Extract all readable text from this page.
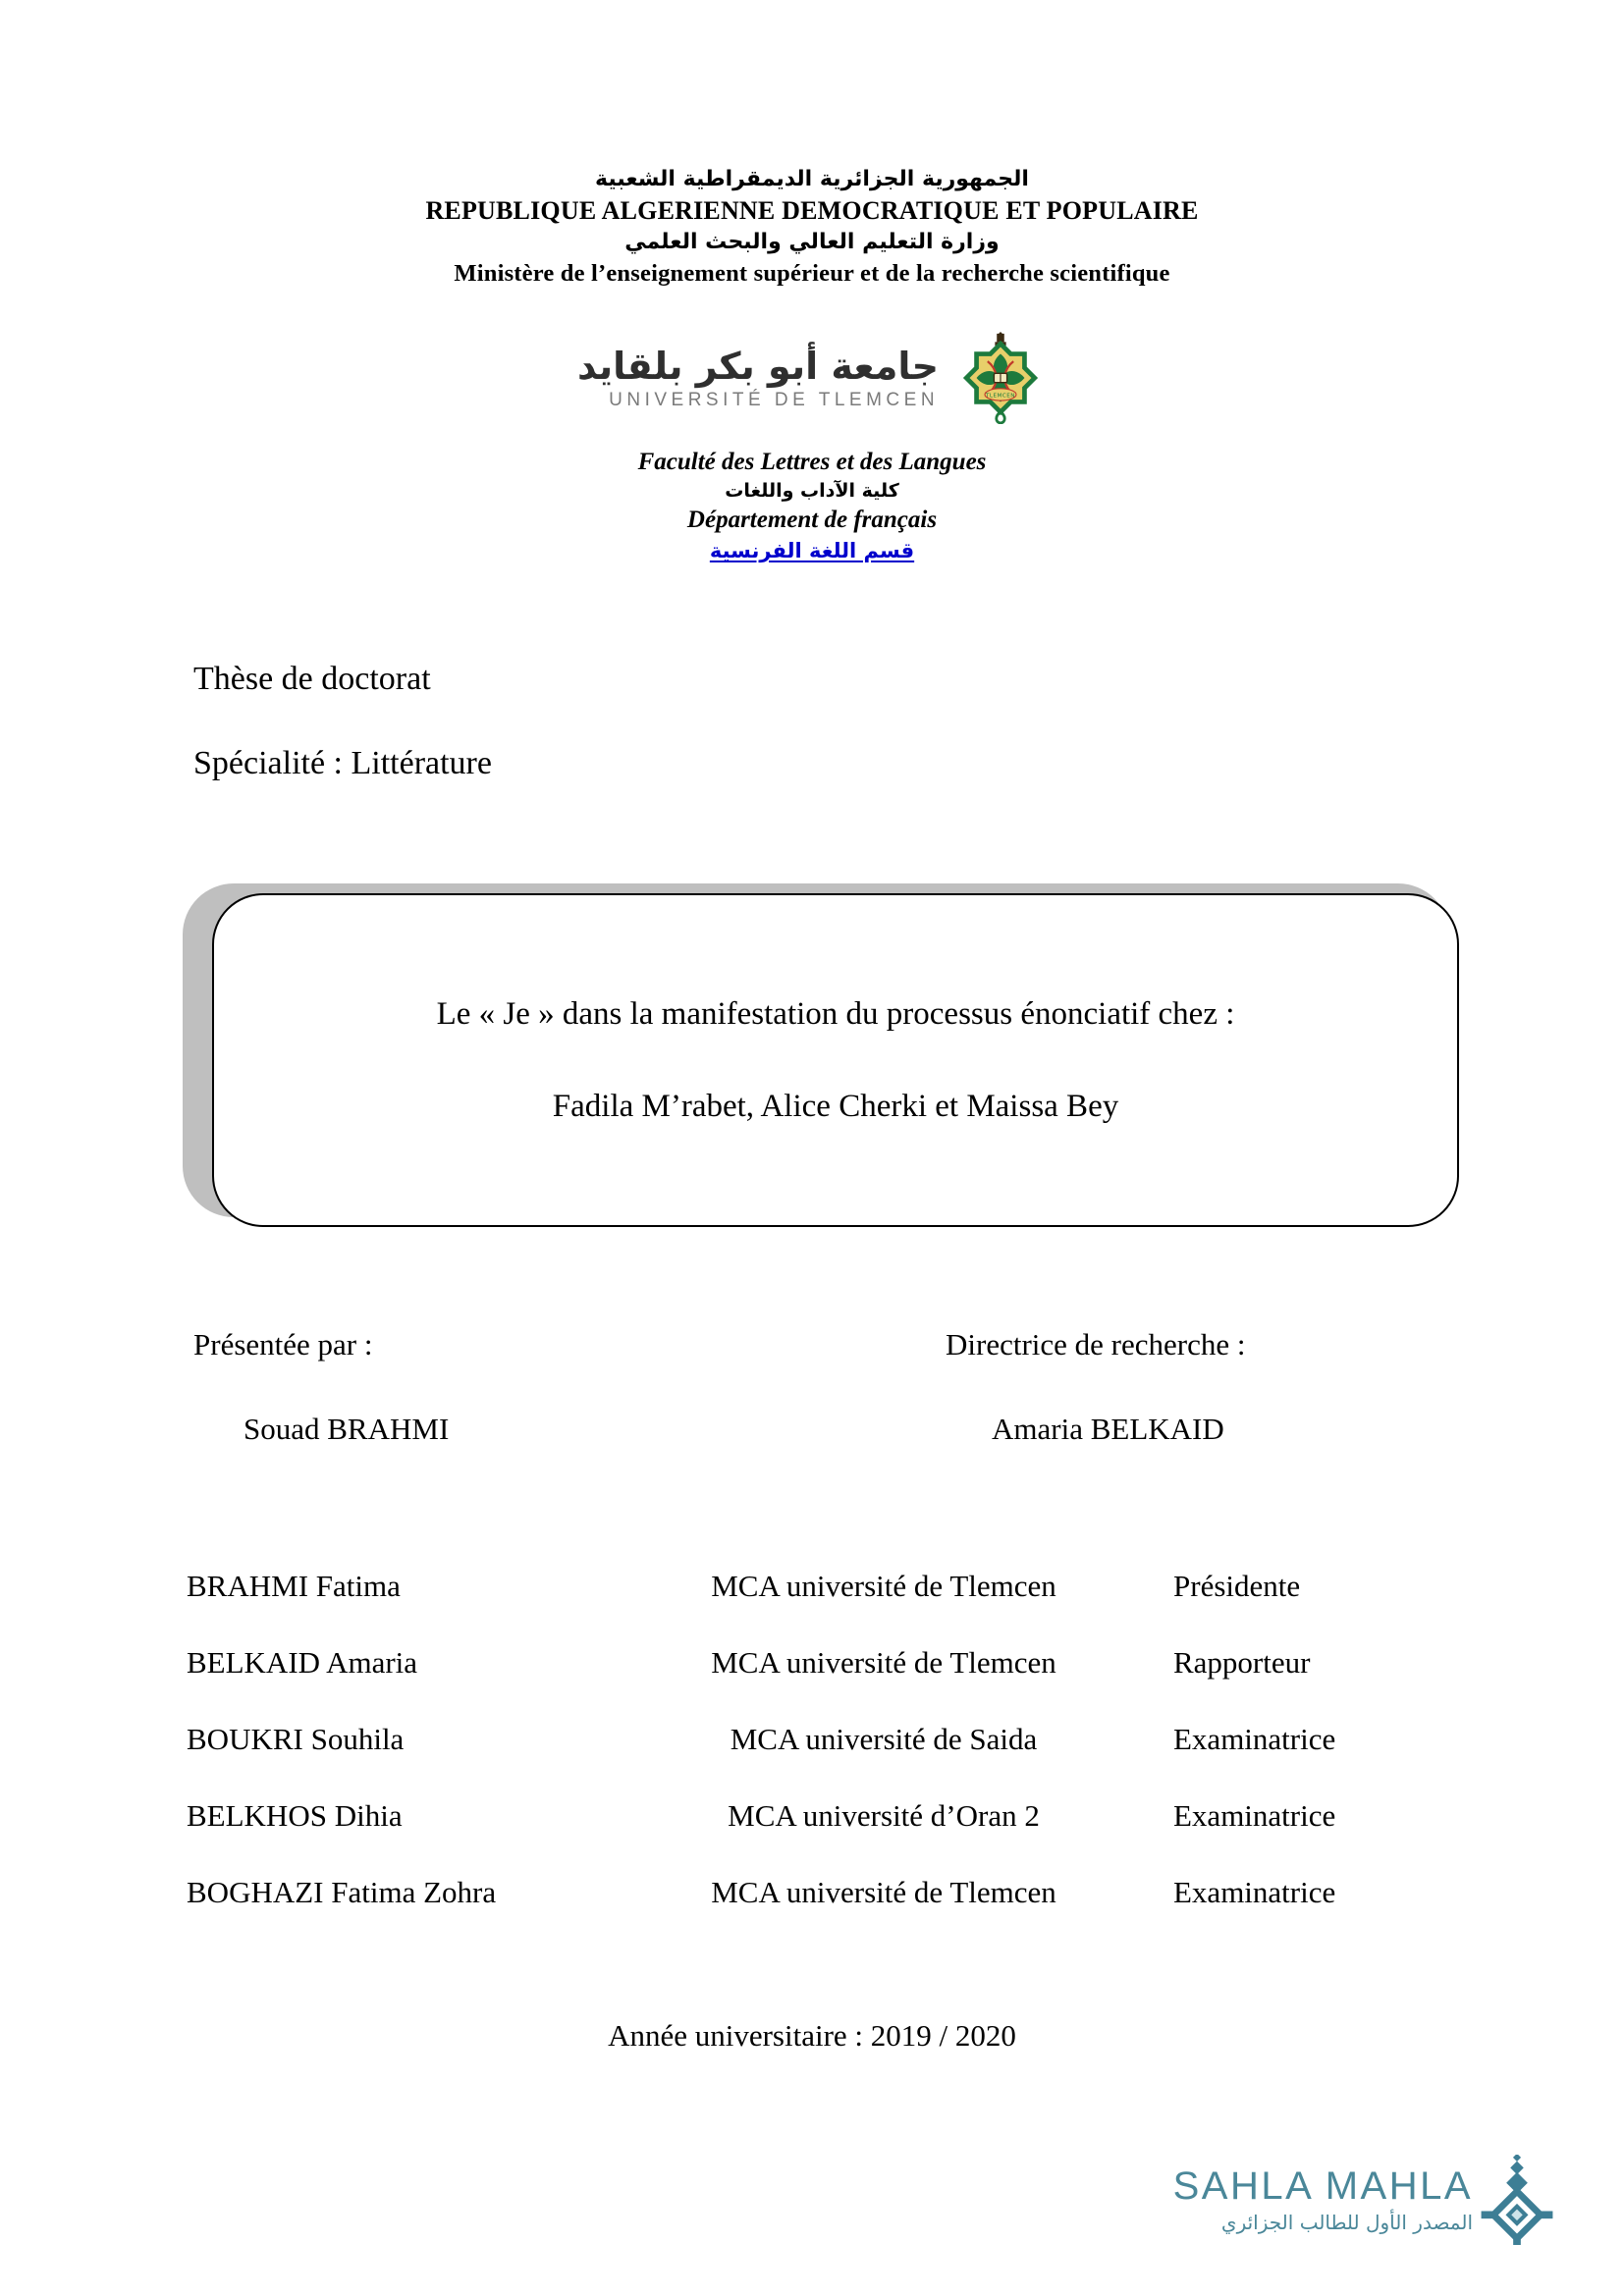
الجمهورية الجزائرية الديمقراطية الشعبية
REPUBLIQUE ALGERIENNE DEMOCRATIQUE ET POPULAIRE
وزارة التعليم العالي والبحث العلمي
Ministère de l’enseignement supérieur et de la recherche scientifique
جامعة أبو بكر بلقايد
UNIVERSITÉ DE TLEMCEN	TLEMCEN
Faculté des Lettres et des Langues
كلية الآداب واللغات
Département de français
قسم اللغة الفرنسية
Thèse de doctorat
Spécialité : Littérature
Le « Je » dans la manifestation du processus énonciatif chez :
Fadila M’rabet, Alice Cherki et Maissa Bey
Présentée par :	Directrice de recherche :
Souad BRAHMI	Amaria BELKAID
BRAHMI Fatima	MCA université de Tlemcen	Présidente
BELKAID Amaria	MCA université de Tlemcen	Rapporteur
BOUKRI Souhila	MCA université de Saida	Examinatrice
BELKHOS Dihia	MCA université d’Oran 2	Examinatrice
BOGHAZI Fatima Zohra	MCA université de Tlemcen	Examinatrice
Année universitaire : 2019 / 2020
SAHLA MAHLA
المصدر الأول للطالب الجزائري
